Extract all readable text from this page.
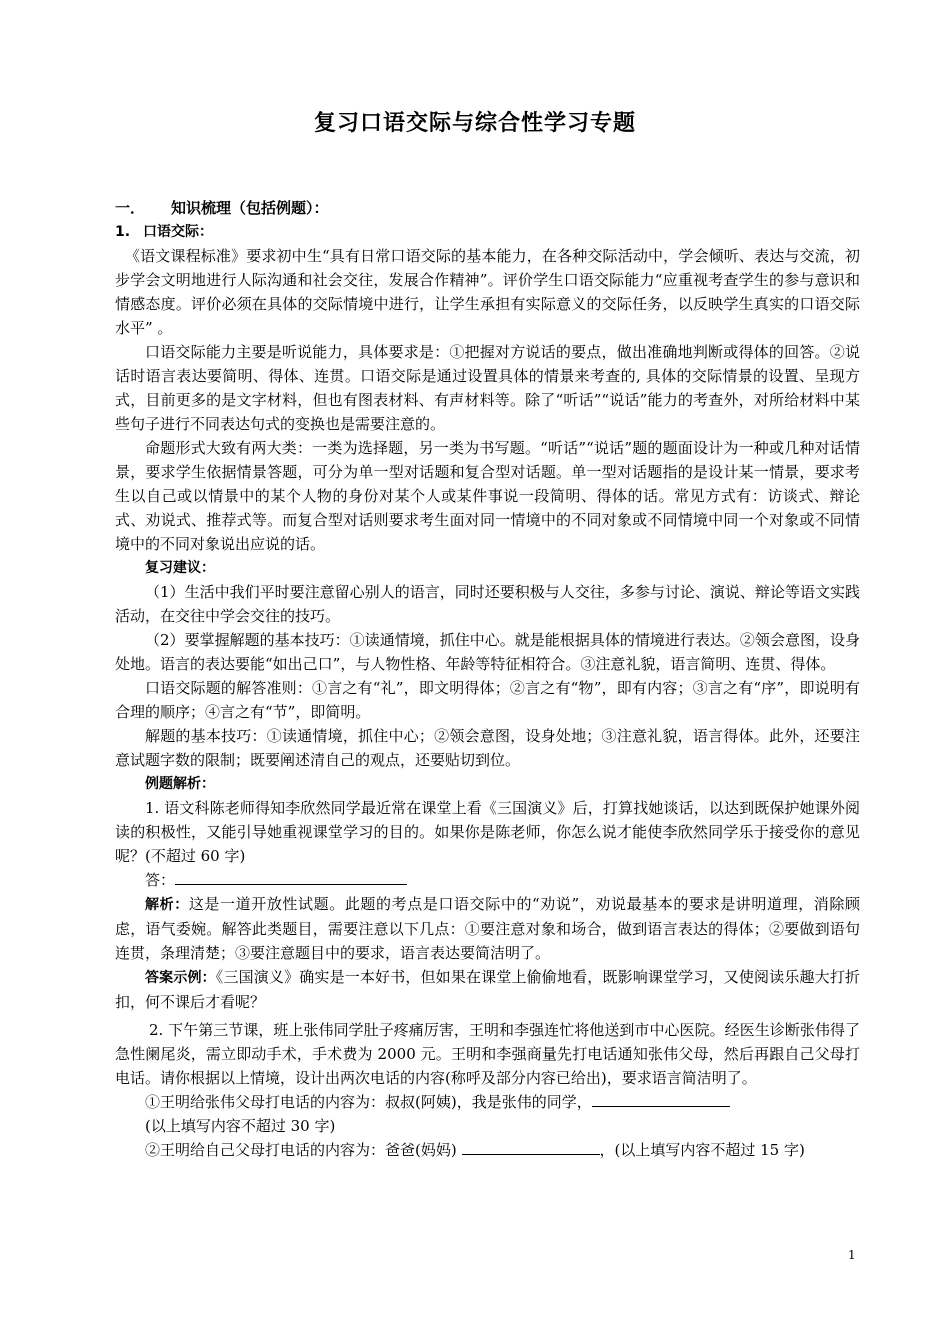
复习口语交际与综合性学习专题
一． 知识梳理（包括例题）：
1. 口语交际：

《语文课程标准》要求初中生“具有日常口语交际的基本能力，在各种交际活动中，学会倾听、表达与交流，初步学会文明地进行人际沟通和社会交往，发展合作精神”。评价学生口语交际能力“应重视考查学生的参与意识和情感态度。评价必须在具体的交际情境中进行，让学生承担有实际意义的交际任务，以反映学生真实的口语交际水平” 。

口语交际能力主要是听说能力，具体要求是：①把握对方说话的要点，做出准确地判断或得体的回答。②说话时语言表达要简明、得体、连贯。口语交际是通过设置具体的情景来考查的, 具体的交际情景的设置、呈现方式，目前更多的是文字材料，但也有图表材料、有声材料等。除了“听话”“说话”能力的考查外，对所给材料中某些句子进行不同表达句式的变换也是需要注意的。

命题形式大致有两大类：一类为选择题，另一类为书写题。“听话”“说话”题的题面设计为一种或几种对话情景，要求学生依据情景答题，可分为单一型对话题和复合型对话题。单一型对话题指的是设计某一情景，要求考生以自己或以情景中的某个人物的身份对某个人或某件事说一段简明、得体的话。常见方式有：访谈式、辩论式、劝说式、推荐式等。而复合型对话则要求考生面对同一情境中的不同对象或不同情境中同一个对象或不同情境中的不同对象说出应说的话。

复习建议：

（1）生活中我们平时要注意留心别人的语言，同时还要积极与人交往，多参与讨论、演说、辩论等语文实践活动，在交往中学会交往的技巧。

（2）要掌握解题的基本技巧：①读通情境，抓住中心。就是能根据具体的情境进行表达。②领会意图，设身处地。语言的表达要能“如出己口”，与人物性格、年龄等特征相符合。③注意礼貌，语言简明、连贯、得体。

口语交际题的解答准则：①言之有“礼”，即文明得体；②言之有“物”，即有内容；③言之有“序”，即说明有合理的顺序；④言之有“节”，即简明。

解题的基本技巧：①读通情境，抓住中心；②领会意图，设身处地；③注意礼貌，语言得体。此外，还要注意试题字数的限制；既要阐述清自己的观点，还要贴切到位。

例题解析：

1. 语文科陈老师得知李欣然同学最近常在课堂上看《三国演义》后，打算找她谈话，以达到既保护她课外阅读的积极性，又能引导她重视课堂学习的目的。如果你是陈老师，你怎么说才能使李欣然同学乐于接受你的意见呢？(不超过 60 字)

答：

解析：这是一道开放性试题。此题的考点是口语交际中的“劝说”，劝说最基本的要求是讲明道理，消除顾虑，语气委婉。解答此类题目，需要注意以下几点：①要注意对象和场合，做到语言表达的得体；②要做到语句连贯，条理清楚；③要注意题目中的要求，语言表达要简洁明了。

答案示例：《三国演义》确实是一本好书，但如果在课堂上偷偷地看，既影响课堂学习，又使阅读乐趣大打折扣，何不课后才看呢？

2. 下午第三节课，班上张伟同学肚子疼痛厉害，王明和李强连忙将他送到市中心医院。经医生诊断张伟得了急性阑尾炎，需立即动手术，手术费为 2000 元。王明和李强商量先打电话通知张伟父母，然后再跟自己父母打电话。请你根据以上情境，设计出两次电话的内容(称呼及部分内容已给出)，要求语言简洁明了。

①王明给张伟父母打电话的内容为：叔叔(阿姨)，我是张伟的同学，

(以上填写内容不超过 30 字)

②王明给自己父母打电话的内容为：爸爸(妈妈)	，(以上填写内容不超过 15 字)

1
